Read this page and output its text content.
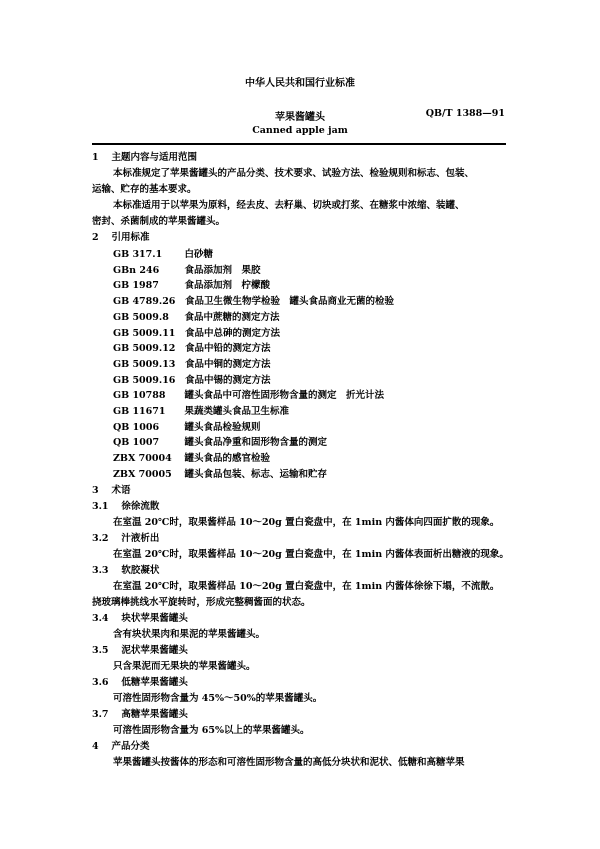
中华人民共和国行业标准
苹果酱罐头	QB/T 1388—91
Canned apple jam
1　 主题内容与适用范围
本标准规定了苹果酱罐头的产品分类、技术要求、试验方法、检验规则和标志、包装、
运输、贮存的基本要求。
本标准适用于以苹果为原料，经去皮、去籽巢、切块或打浆、在糖浆中浓缩、装罐、
密封、杀菌制成的苹果酱罐头。
2　 引用标准
GB 317.1　 白砂糖
GBn 246　	食品添加剂　果胶
GB 1987　	食品添加剂　柠檬酸
GB 4789.26　 食品卫生微生物学检验　罐头食品商业无菌的检验
GB 5009.8　 食品中蔗糖的测定方法
GB 5009.11　 食品中总砷的测定方法
GB 5009.12　 食品中铅的测定方法
GB 5009.13　 食品中铜的测定方法
GB 5009.16　 食品中锡的测定方法
GB 10788　 罐头食品中可溶性固形物含量的测定　折光计法
GB 11671　 果蔬类罐头食品卫生标准
QB 1006　	罐头食品检验规则
QB 1007　	罐头食品净重和固形物含量的测定
ZBX 70004　 罐头食品的感官检验
ZBX 70005　 罐头食品包装、标志、运输和贮存
3　 术语
3.1　 徐徐流散
在室温 20℃时，取果酱样品 10～20g 置白瓷盘中，在 1min 内酱体向四面扩散的现象。
3.2　 汁液析出
在室温 20℃时，取果酱样品 10～20g 置白瓷盘中，在 1min 内酱体表面析出糖液的现象。
3.3　 软胶凝状
在室温 20℃时，取果酱样品 10～20g 置白瓷盘中，在 1min 内酱体徐徐下塌，不流散。
挠玻璃棒挑线水平旋转时，形成完整稠酱面的状态。
3.4　 块状苹果酱罐头
含有块状果肉和果泥的苹果酱罐头。
3.5　 泥状苹果酱罐头
只含果泥而无果块的苹果酱罐头。
3.6　 低糖苹果酱罐头
可溶性固形物含量为 45%～50%的苹果酱罐头。
3.7　 高糖苹果酱罐头
可溶性固形物含量为 65%以上的苹果酱罐头。
4　 产品分类
苹果酱罐头按酱体的形态和可溶性固形物含量的高低分块状和泥状、低糖和高糖苹果
